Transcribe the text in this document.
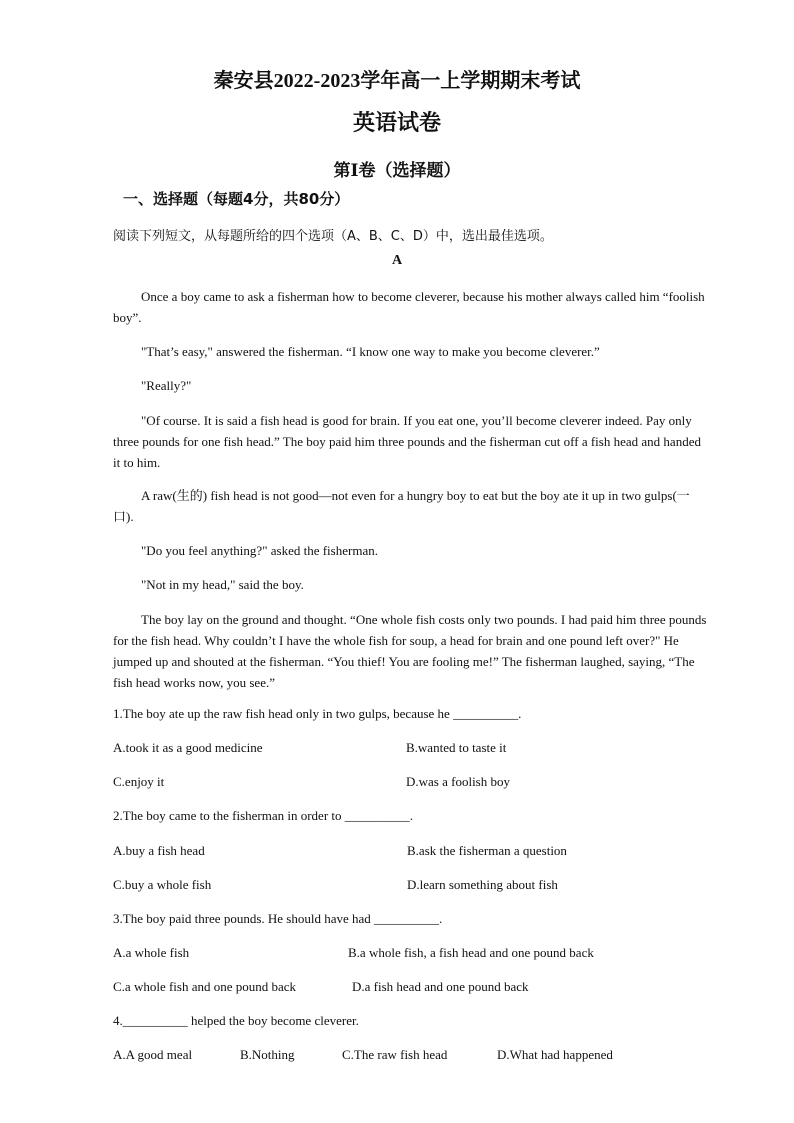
秦安县2022-2023学年高一上学期期末考试
英语试卷
第Ⅰ卷（选择题）
一、选择题（每题4分，共80分）
阅读下列短文，从每题所给的四个选项（A、B、C、D）中，选出最佳选项。
A
Once a boy came to ask a fisherman how to become cleverer, because his mother always called him “foolish boy”.
"That’s easy," answered the fisherman. “I know one way to make you become cleverer.”
"Really?"
"Of course. It is said a fish head is good for brain. If you eat one, you’ll become cleverer indeed. Pay only three pounds for one fish head.” The boy paid him three pounds and the fisherman cut off a fish head and handed it to him.
A raw(生的) fish head is not good—not even for a hungry boy to eat but the boy ate it up in two gulps(一口).
"Do you feel anything?" asked the fisherman.
"Not in my head," said the boy.
The boy lay on the ground and thought. “One whole fish costs only two pounds. I had paid him three pounds for the fish head. Why couldn’t I have the whole fish for soup, a head for brain and one pound left over?" He jumped up and shouted at the fisherman. “You thief! You are fooling me!” The fisherman laughed, saying, “The fish head works now, you see.”
1.The boy ate up the raw fish head only in two gulps, because he __________.
A.took it as a good medicine	B.wanted to taste it
C.enjoy it	D.was a foolish boy
2.The boy came to the fisherman in order to __________.
A.buy a fish head	B.ask the fisherman a question
C.buy a whole fish	D.learn something about fish
3.The boy paid three pounds. He should have had __________.
A.a whole fish	B.a whole fish, a fish head and one pound back
C.a whole fish and one pound back	D.a fish head and one pound back
4.__________ helped the boy become cleverer.
A.A good meal	B.Nothing	C.The raw fish head	D.What had happened
